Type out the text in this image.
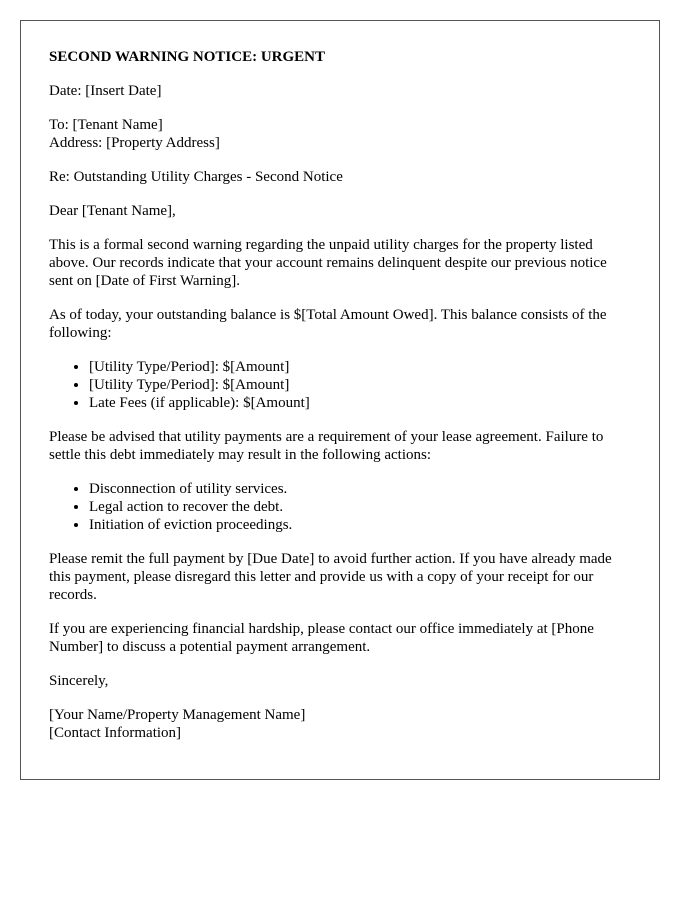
SECOND WARNING NOTICE: URGENT

Date: [Insert Date]

To: [Tenant Name]
Address: [Property Address]

Re: Outstanding Utility Charges - Second Notice

Dear [Tenant Name],

This is a formal second warning regarding the unpaid utility charges for the property listed above. Our records indicate that your account remains delinquent despite our previous notice sent on [Date of First Warning].

As of today, your outstanding balance is $[Total Amount Owed]. This balance consists of the following:

• [Utility Type/Period]: $[Amount]
• [Utility Type/Period]: $[Amount]
• Late Fees (if applicable): $[Amount]

Please be advised that utility payments are a requirement of your lease agreement. Failure to settle this debt immediately may result in the following actions:

• Disconnection of utility services.
• Legal action to recover the debt.
• Initiation of eviction proceedings.

Please remit the full payment by [Due Date] to avoid further action. If you have already made this payment, please disregard this letter and provide us with a copy of your receipt for our records.

If you are experiencing financial hardship, please contact our office immediately at [Phone Number] to discuss a potential payment arrangement.

Sincerely,

[Your Name/Property Management Name]
[Contact Information]
